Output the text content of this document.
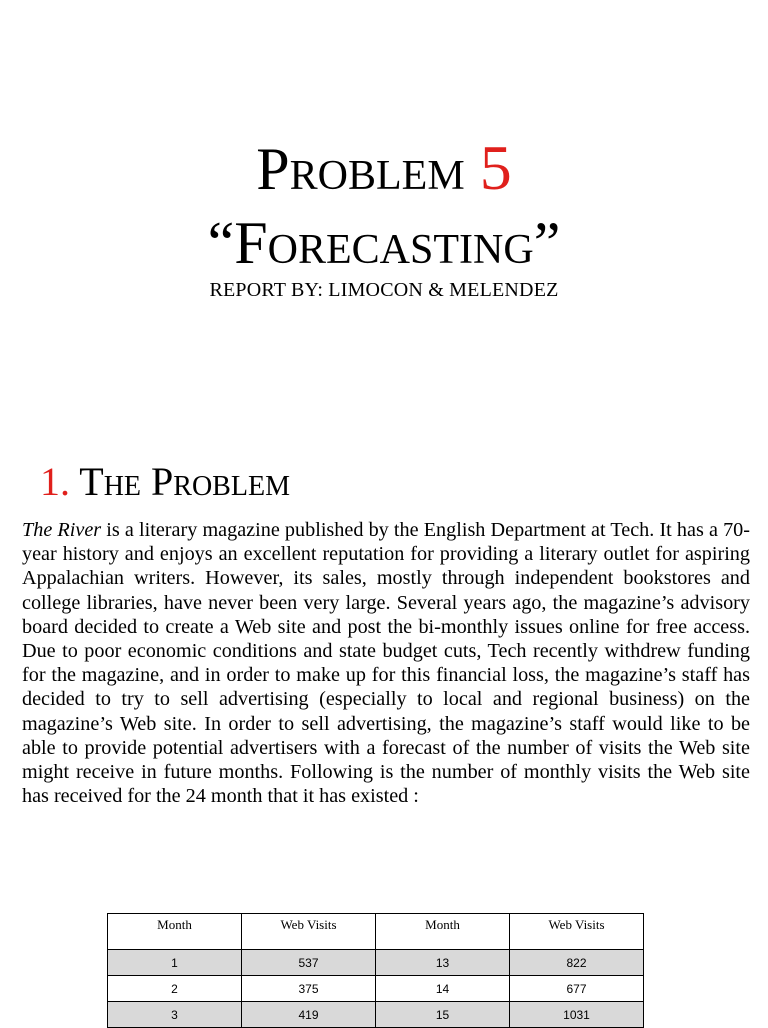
Problem 5
“Forecasting”
REPORT BY: LIMOCON & MELENDEZ
1. The Problem

The River is a literary magazine published by the English Department at Tech. It has a 70-year history and enjoys an excellent reputation for providing a literary outlet for aspiring Appalachian writers. However, its sales, mostly through independent bookstores and college libraries, have never been very large. Several years ago, the magazine’s advisory board decided to create a Web site and post the bi-monthly issues online for free access. Due to poor economic conditions and state budget cuts, Tech recently withdrew funding for the magazine, and in order to make up for this financial loss, the magazine’s staff has decided to try to sell advertising (especially to local and regional business) on the magazine’s Web site. In order to sell advertising, the magazine’s staff would like to be able to provide potential advertisers with a forecast of the number of visits the Web site might receive in future months. Following is the number of monthly visits the Web site has received for the 24 month that it has existed :

Month	Web Visits	Month	Web Visits
1	537	13	822
2	375	14	677
3	419	15	1031
